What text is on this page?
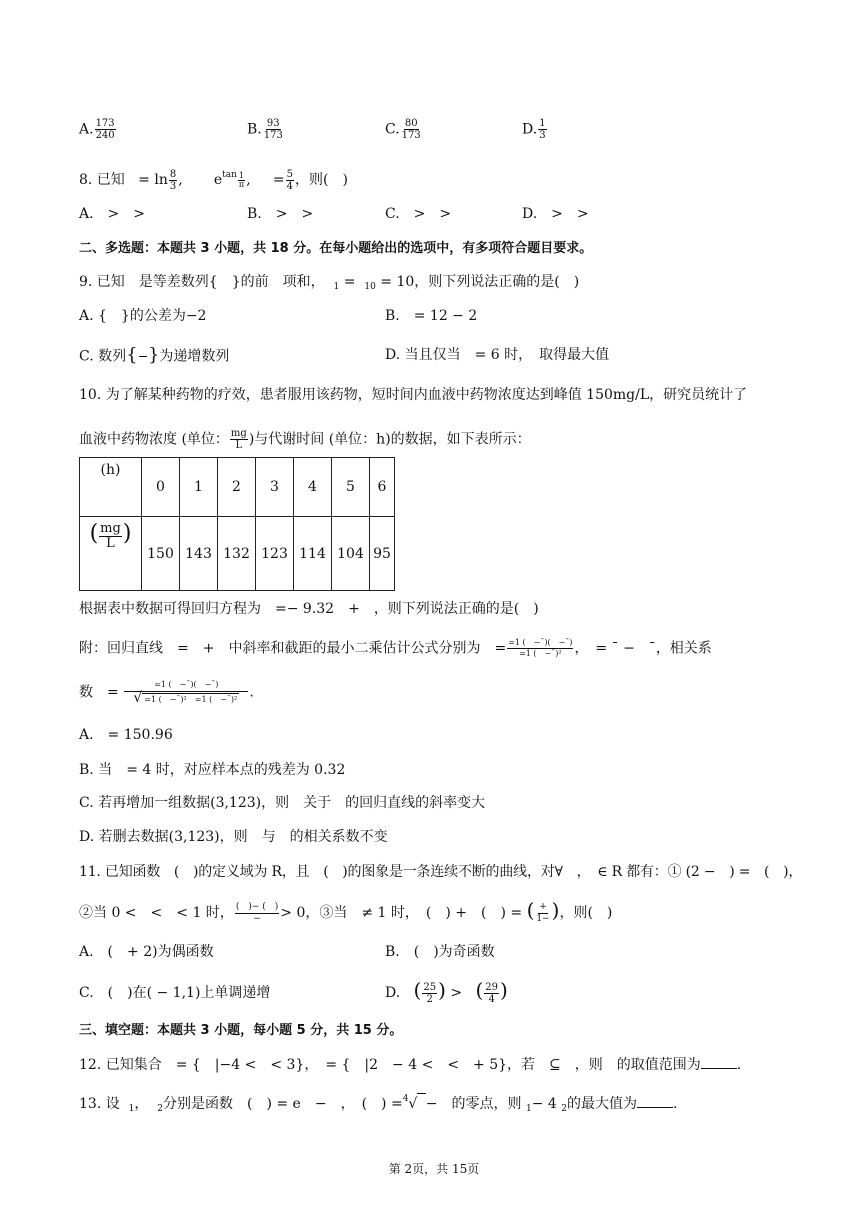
A. $\frac{173}{240}$	B. $\frac{93}{173}$	C. $\frac{80}{173}$	D. $\frac{1}{3}$
8. 已知 = $\ln \frac{8}{3}$ ,       $e^{tan} \frac{1}{\pi}$ ,     = $\frac{5}{4}$ ，则(　)
A.　>　>	B.　>　>	C.　>　>	D.　>　>
二、多选题：本题共 3 小题，共 18 分。在每小题给出的选项中，有多项符合题目要求。
9. 已知　是等差数列{　}的前　项和， $_1$ = $_{10}$ = 10，则下列说法正确的是(　)
A. {　}的公差为−2	B.　= 12 − 2
C. 数列{

}为递增数列	D. 当且仅当　= 6 时，　取得最大值
10. 为了解某种药物的疗效，患者服用该药物，短时间内血液中药物浓度达到峰值 150mg/L，研究员统计了
血液中药物浓度 (单位： $\frac{mg}{L}$ )与代谢时间 (单位：h)的数据，如下表所示：
(h)	0	1	2	3	4	5	6
( $\frac{mg}{L}$ )	150	143	132	123	114	104	95
根据表中数据可得回归方程为　=− 9.32　+　，则下列说法正确的是(　)
附：回归直线　=　+　中斜率和截距的最小二乘估计公式分别为　= $\frac{=1 ( -¯)( -¯)}{\text{=1 (　−¯)²}}$ ，　= ¯ −　¯，相关系
数　= $\frac{=1 ( -¯)( -¯)}{\text{√ =1 (　−¯)²　=1 (　−¯)²}}$ .
A.　= 150.96
B. 当　= 4 时，对应样本点的残差为 0.32
C. 若再增加一组数据(3,123)，则　关于　的回归直线的斜率变大
D. 若删去数据(3,123)，则　与　的相关系数不变
11. 已知函数　(　)的定义域为 R，且　(　)的图象是一条连续不断的曲线，对∀　，　∈ R 都有：① (2 −　) =　(　)，
②当 0 <　<　< 1 时， $\frac{( )- ( )}{-} > 0$，③当　≠ 1 时，　(　) +　(　) = ( $\frac{+}{1-}$ )，则(　)
A.　(　+ 2)为偶函数	B.　(　)为奇函数
C.　(　)在( − 1,1)上单调递增	D. ( $\frac{25}{2}$ ) > ( $\frac{29}{4}$ )
三、填空题：本题共 3 小题，每小题 5 分，共 15 分。
12. 已知集合　= {　|−4 <　< 3}，　= {　|2　− 4 <　<　+ 5}，若　⊆　，则　的取值范围为	.
13. 设 $_1$， $_2$分别是函数　(　) = e　−　，　(　) =$^4$√ −　的零点，则 $_1$− 4 $_2$的最大值为	.
第 2页，共 15页
